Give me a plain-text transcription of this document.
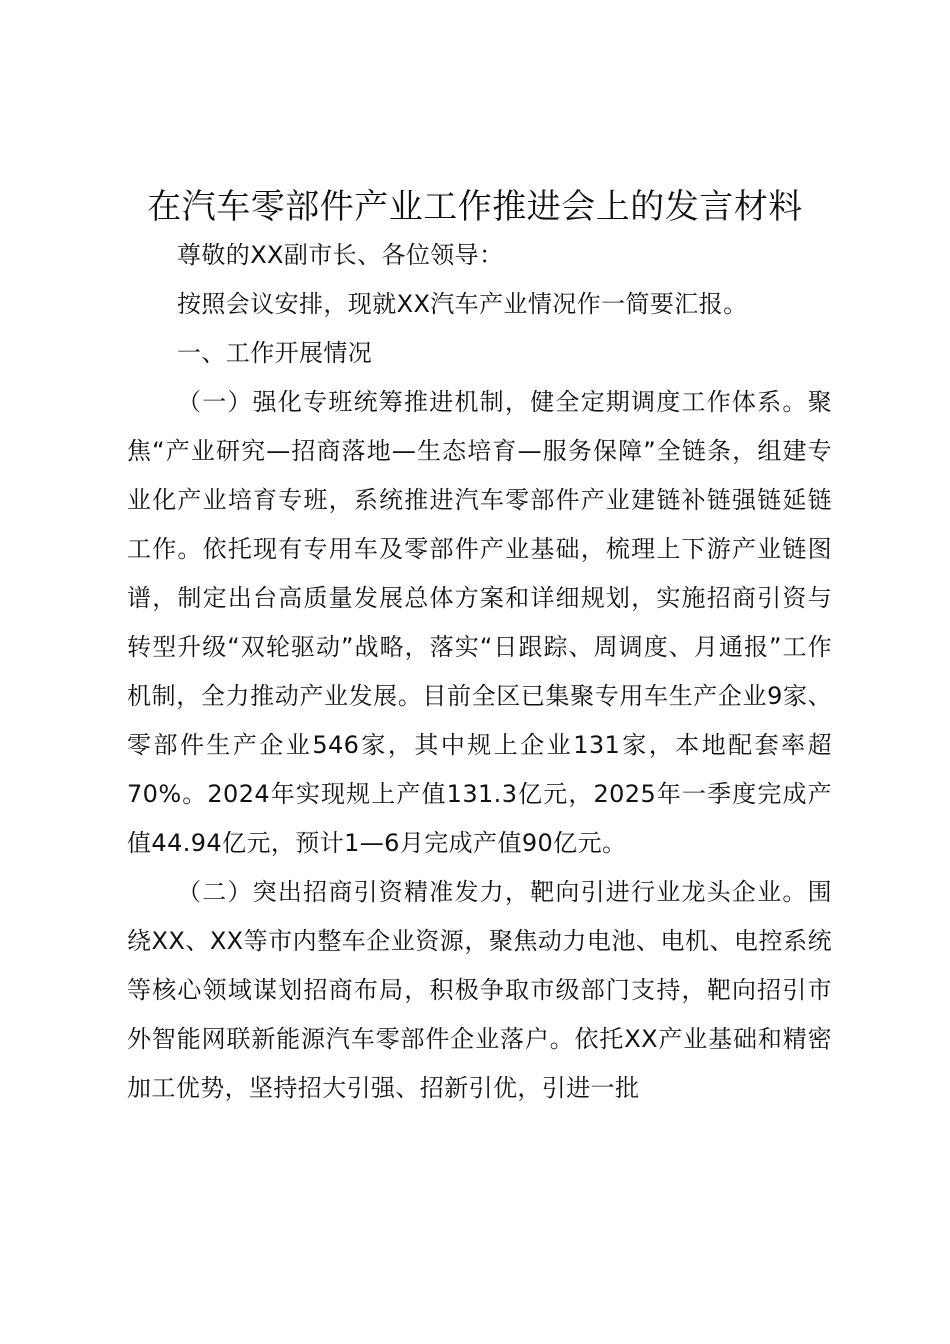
在汽车零部件产业工作推进会上的发言材料

尊敬的XX副市长、各位领导：

按照会议安排，现就XX汽车产业情况作一简要汇报。

一、工作开展情况

（一）强化专班统筹推进机制，健全定期调度工作体系。聚焦“产业研究—招商落地—生态培育—服务保障”全链条，组建专业化产业培育专班，系统推进汽车零部件产业建链补链强链延链工作。依托现有专用车及零部件产业基础，梳理上下游产业链图谱，制定出台高质量发展总体方案和详细规划，实施招商引资与转型升级“双轮驱动”战略，落实“日跟踪、周调度、月通报”工作机制，全力推动产业发展。目前全区已集聚专用车生产企业9家、零部件生产企业546家，其中规上企业131家，本地配套率超70%。2024年实现规上产值131.3亿元，2025年一季度完成产值44.94亿元，预计1—6月完成产值90亿元。

（二）突出招商引资精准发力，靶向引进行业龙头企业。围绕XX、XX等市内整车企业资源，聚焦动力电池、电机、电控系统等核心领域谋划招商布局，积极争取市级部门支持，靶向招引市外智能网联新能源汽车零部件企业落户。依托XX产业基础和精密加工优势，坚持招大引强、招新引优，引进一批
